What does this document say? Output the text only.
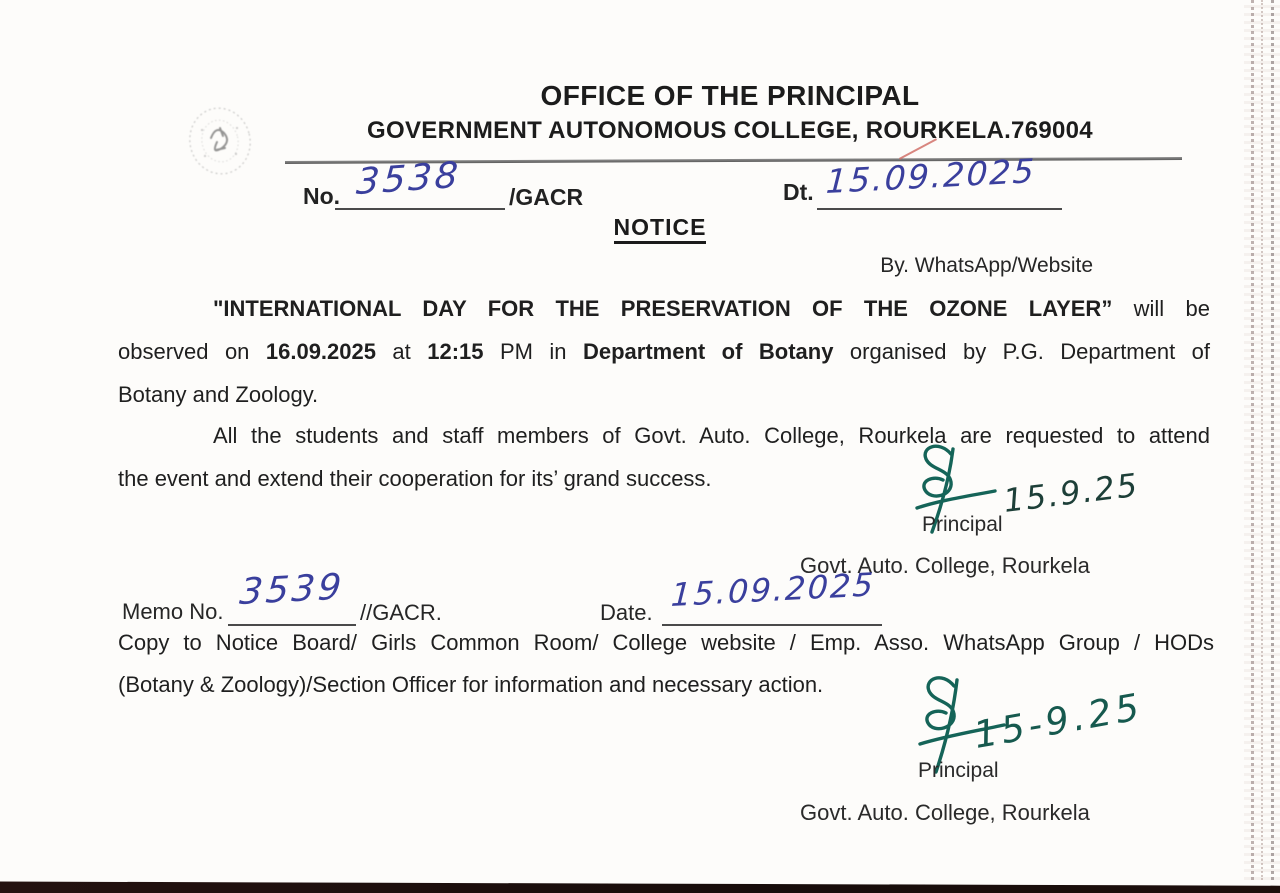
OFFICE OF THE PRINCIPAL
GOVERNMENT AUTONOMOUS COLLEGE, ROURKELA.769004
No. 3538 /GACR	Dt. 15.09.2025
NOTICE
By. WhatsApp/Website
"INTERNATIONAL DAY FOR THE PRESERVATION OF THE OZONE LAYER” will be
observed on 16.09.2025 at 12:15 PM in Department of Botany organised by P.G. Department of
Botany and Zoology.
All the students and staff members of Govt. Auto. College, Rourkela are requested to attend
the event and extend their cooperation for its’ grand success.	15.9.25
Principal
Govt. Auto. College, Rourkela
Memo No. 3539 //GACR.	Date. 15.09.2025
Copy to Notice Board/ Girls Common Room/ College website / Emp. Asso. WhatsApp Group / HODs
(Botany & Zoology)/Section Officer for information and necessary action.
15-9.25
Principal
Govt. Auto. College, Rourkela
